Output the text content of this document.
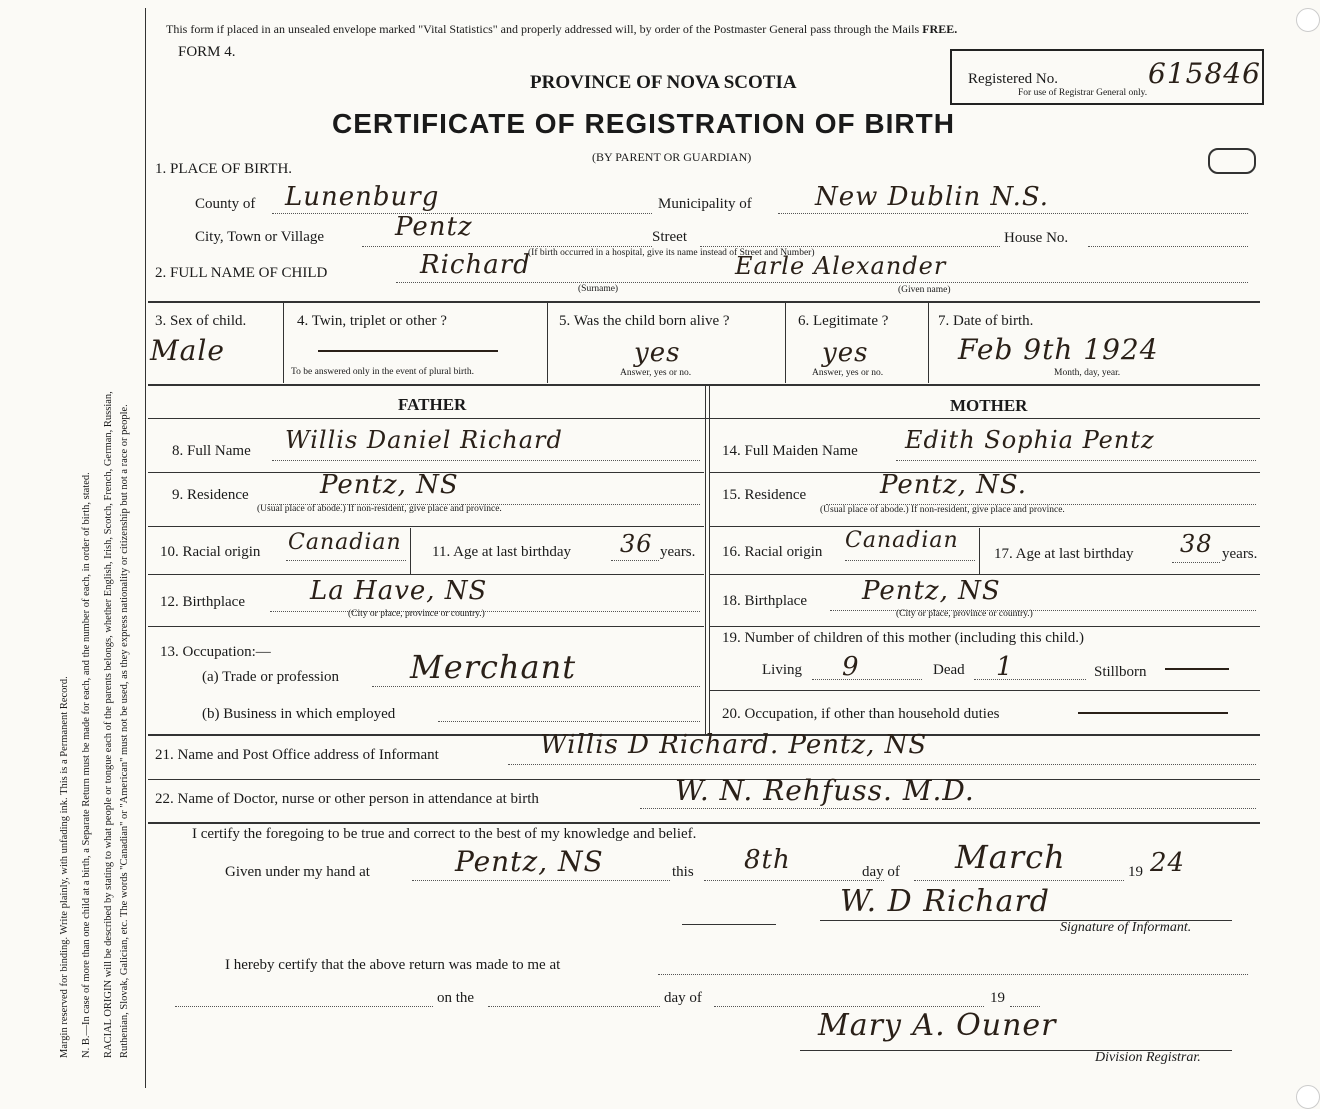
Margin reserved for binding. Write plainly, with unfading ink. This is a Permanent Record. N. B.—In case of more than one child at a birth, a Separate Return must be made for each, and the number of each, in order of birth, stated. RACIAL ORIGIN will be described by stating to what people or tongue each of the parents belongs, whether English, Irish, Scotch, French, German, Russian, Ruthenian, Slovak, Galician, etc. The words "Canadian" or "American" must not be used, as they express nationality or citizenship but not a race or people.
This form if placed in an unsealed envelope marked "Vital Statistics" and properly addressed will, by order of the Postmaster General pass through the Mails FREE.
FORM 4.
PROVINCE OF NOVA SCOTIA
CERTIFICATE OF REGISTRATION OF BIRTH
(BY PARENT OR GUARDIAN)
Registered No.	615846
For use of Registrar General only.
1. PLACE OF BIRTH.
County of Lunenburg	Municipality of New Dublin N.S.
City, Town or Village	Pentz	Street	House No.
(If birth occurred in a hospital, give its name instead of Street and Number)
2. FULL NAME OF CHILD	Richard	Earle Alexander
(Surname)	(Given name)
3. Sex of child.
Male
4. Twin, triplet or other ?
To be answered only in the event of plural birth.
5. Was the child born alive ?
yes
Answer, yes or no.
6. Legitimate ?
yes
Answer, yes or no.
7. Date of birth.
Feb 9th 1924
Month, day, year.
FATHER	MOTHER
8. Full Name Willis Daniel Richard
9. Residence	Pentz, NS
(Usual place of abode.) If non-resident, give place and province.
10. Racial origin Canadian 11. Age at last birthday 36 years.
12. Birthplace	La Have, NS
(City or place, province or country.)
13. Occupation:—
(a) Trade or profession Merchant
(b) Business in which employed
14. Full Maiden Name Edith Sophia Pentz
15. Residence	Pentz, NS.
(Usual place of abode.) If non-resident, give place and province.
16. Racial origin Canadian
17. Age at last birthday 38 years.
18. Birthplace Pentz, NS
(City or place, province or country.)
19. Number of children of this mother (including this child.)
Living 9	Dead 1	Stillborn
20. Occupation, if other than household duties
21. Name and Post Office address of Informant	Willis D Richard. Pentz, NS
22. Name of Doctor, nurse or other person in attendance at birth	W. N. Rehfuss. M.D.
I certify the foregoing to be true and correct to the best of my knowledge and belief.
Given under my hand at	Pentz, NS	this 8th	day of March	19 24
W. D Richard
Signature of Informant.
I hereby certify that the above return was made to me at
on the	day of	19
Mary A. Ouner
Division Registrar.
